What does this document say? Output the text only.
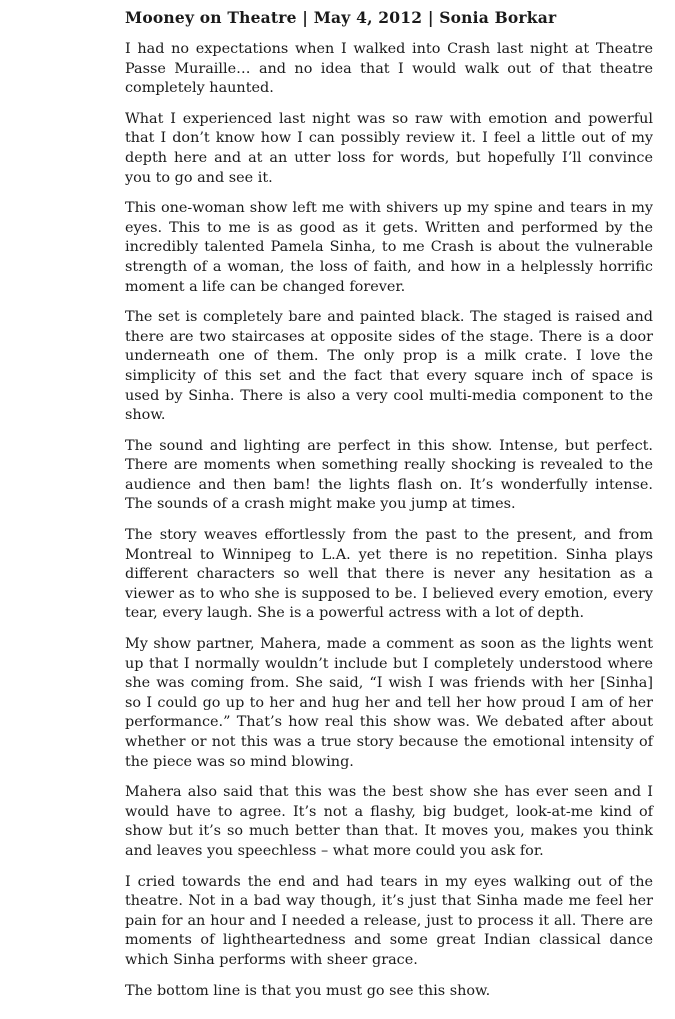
Mooney on Theatre | May 4, 2012 | Sonia Borkar

I had no expectations when I walked into Crash last night at Theatre Passe Muraille… and no idea that I would walk out of that theatre completely haunted.

What I experienced last night was so raw with emotion and powerful that I don’t know how I can possibly review it. I feel a little out of my depth here and at an utter loss for words, but hopefully I’ll convince you to go and see it.

This one-woman show left me with shivers up my spine and tears in my eyes. This to me is as good as it gets. Written and performed by the incredibly talented Pamela Sinha, to me Crash is about the vulnerable strength of a woman, the loss of faith, and how in a helplessly horrific moment a life can be changed forever.

The set is completely bare and painted black. The staged is raised and there are two staircases at opposite sides of the stage. There is a door underneath one of them. The only prop is a milk crate. I love the simplicity of this set and the fact that every square inch of space is used by Sinha. There is also a very cool multi-media component to the show.

The sound and lighting are perfect in this show. Intense, but perfect. There are moments when something really shocking is revealed to the audience and then bam! the lights flash on. It’s wonderfully intense. The sounds of a crash might make you jump at times.

The story weaves effortlessly from the past to the present, and from Montreal to Winnipeg to L.A. yet there is no repetition. Sinha plays different characters so well that there is never any hesitation as a viewer as to who she is supposed to be. I believed every emotion, every tear, every laugh. She is a powerful actress with a lot of depth.

My show partner, Mahera, made a comment as soon as the lights went up that I normally wouldn’t include but I completely understood where she was coming from. She said, “I wish I was friends with her [Sinha] so I could go up to her and hug her and tell her how proud I am of her performance.” That’s how real this show was. We debated after about whether or not this was a true story because the emotional intensity of the piece was so mind blowing.

Mahera also said that this was the best show she has ever seen and I would have to agree. It’s not a flashy, big budget, look-at-me kind of show but it’s so much better than that. It moves you, makes you think and leaves you speechless – what more could you ask for.

I cried towards the end and had tears in my eyes walking out of the theatre. Not in a bad way though, it’s just that Sinha made me feel her pain for an hour and I needed a release, just to process it all. There are moments of lightheartedness and some great Indian classical dance which Sinha performs with sheer grace.

The bottom line is that you must go see this show.
